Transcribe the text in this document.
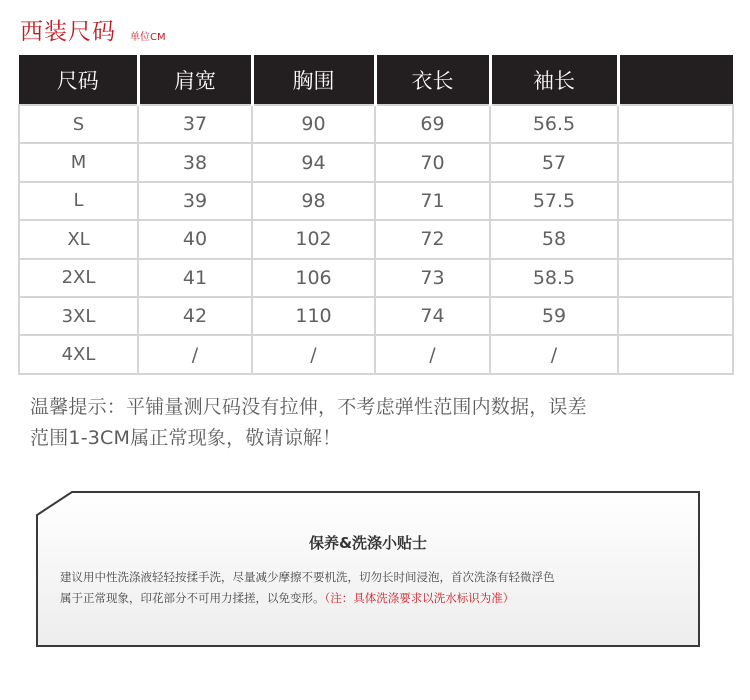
西装尺码 单位CM
尺码	肩宽	胸围	衣长	袖长	
S	37	90	69	56.5	
M	38	94	70	57	
L	39	98	71	57.5	
XL	40	102	72	58	
2XL	41	106	73	58.5	
3XL	42	110	74	59	
4XL	/	/	/	/	
温馨提示：平铺量测尺码没有拉伸，不考虑弹性范围内数据，误差
范围1-3CM属正常现象，敬请谅解！
保养&洗涤小贴士
建议用中性洗涤液轻轻按揉手洗，尽量减少摩擦不要机洗，切勿长时间浸泡，首次洗涤有轻微浮色
属于正常现象，印花部分不可用力揉搓，以免变形。（注：具体洗涤要求以洗水标识为准）
